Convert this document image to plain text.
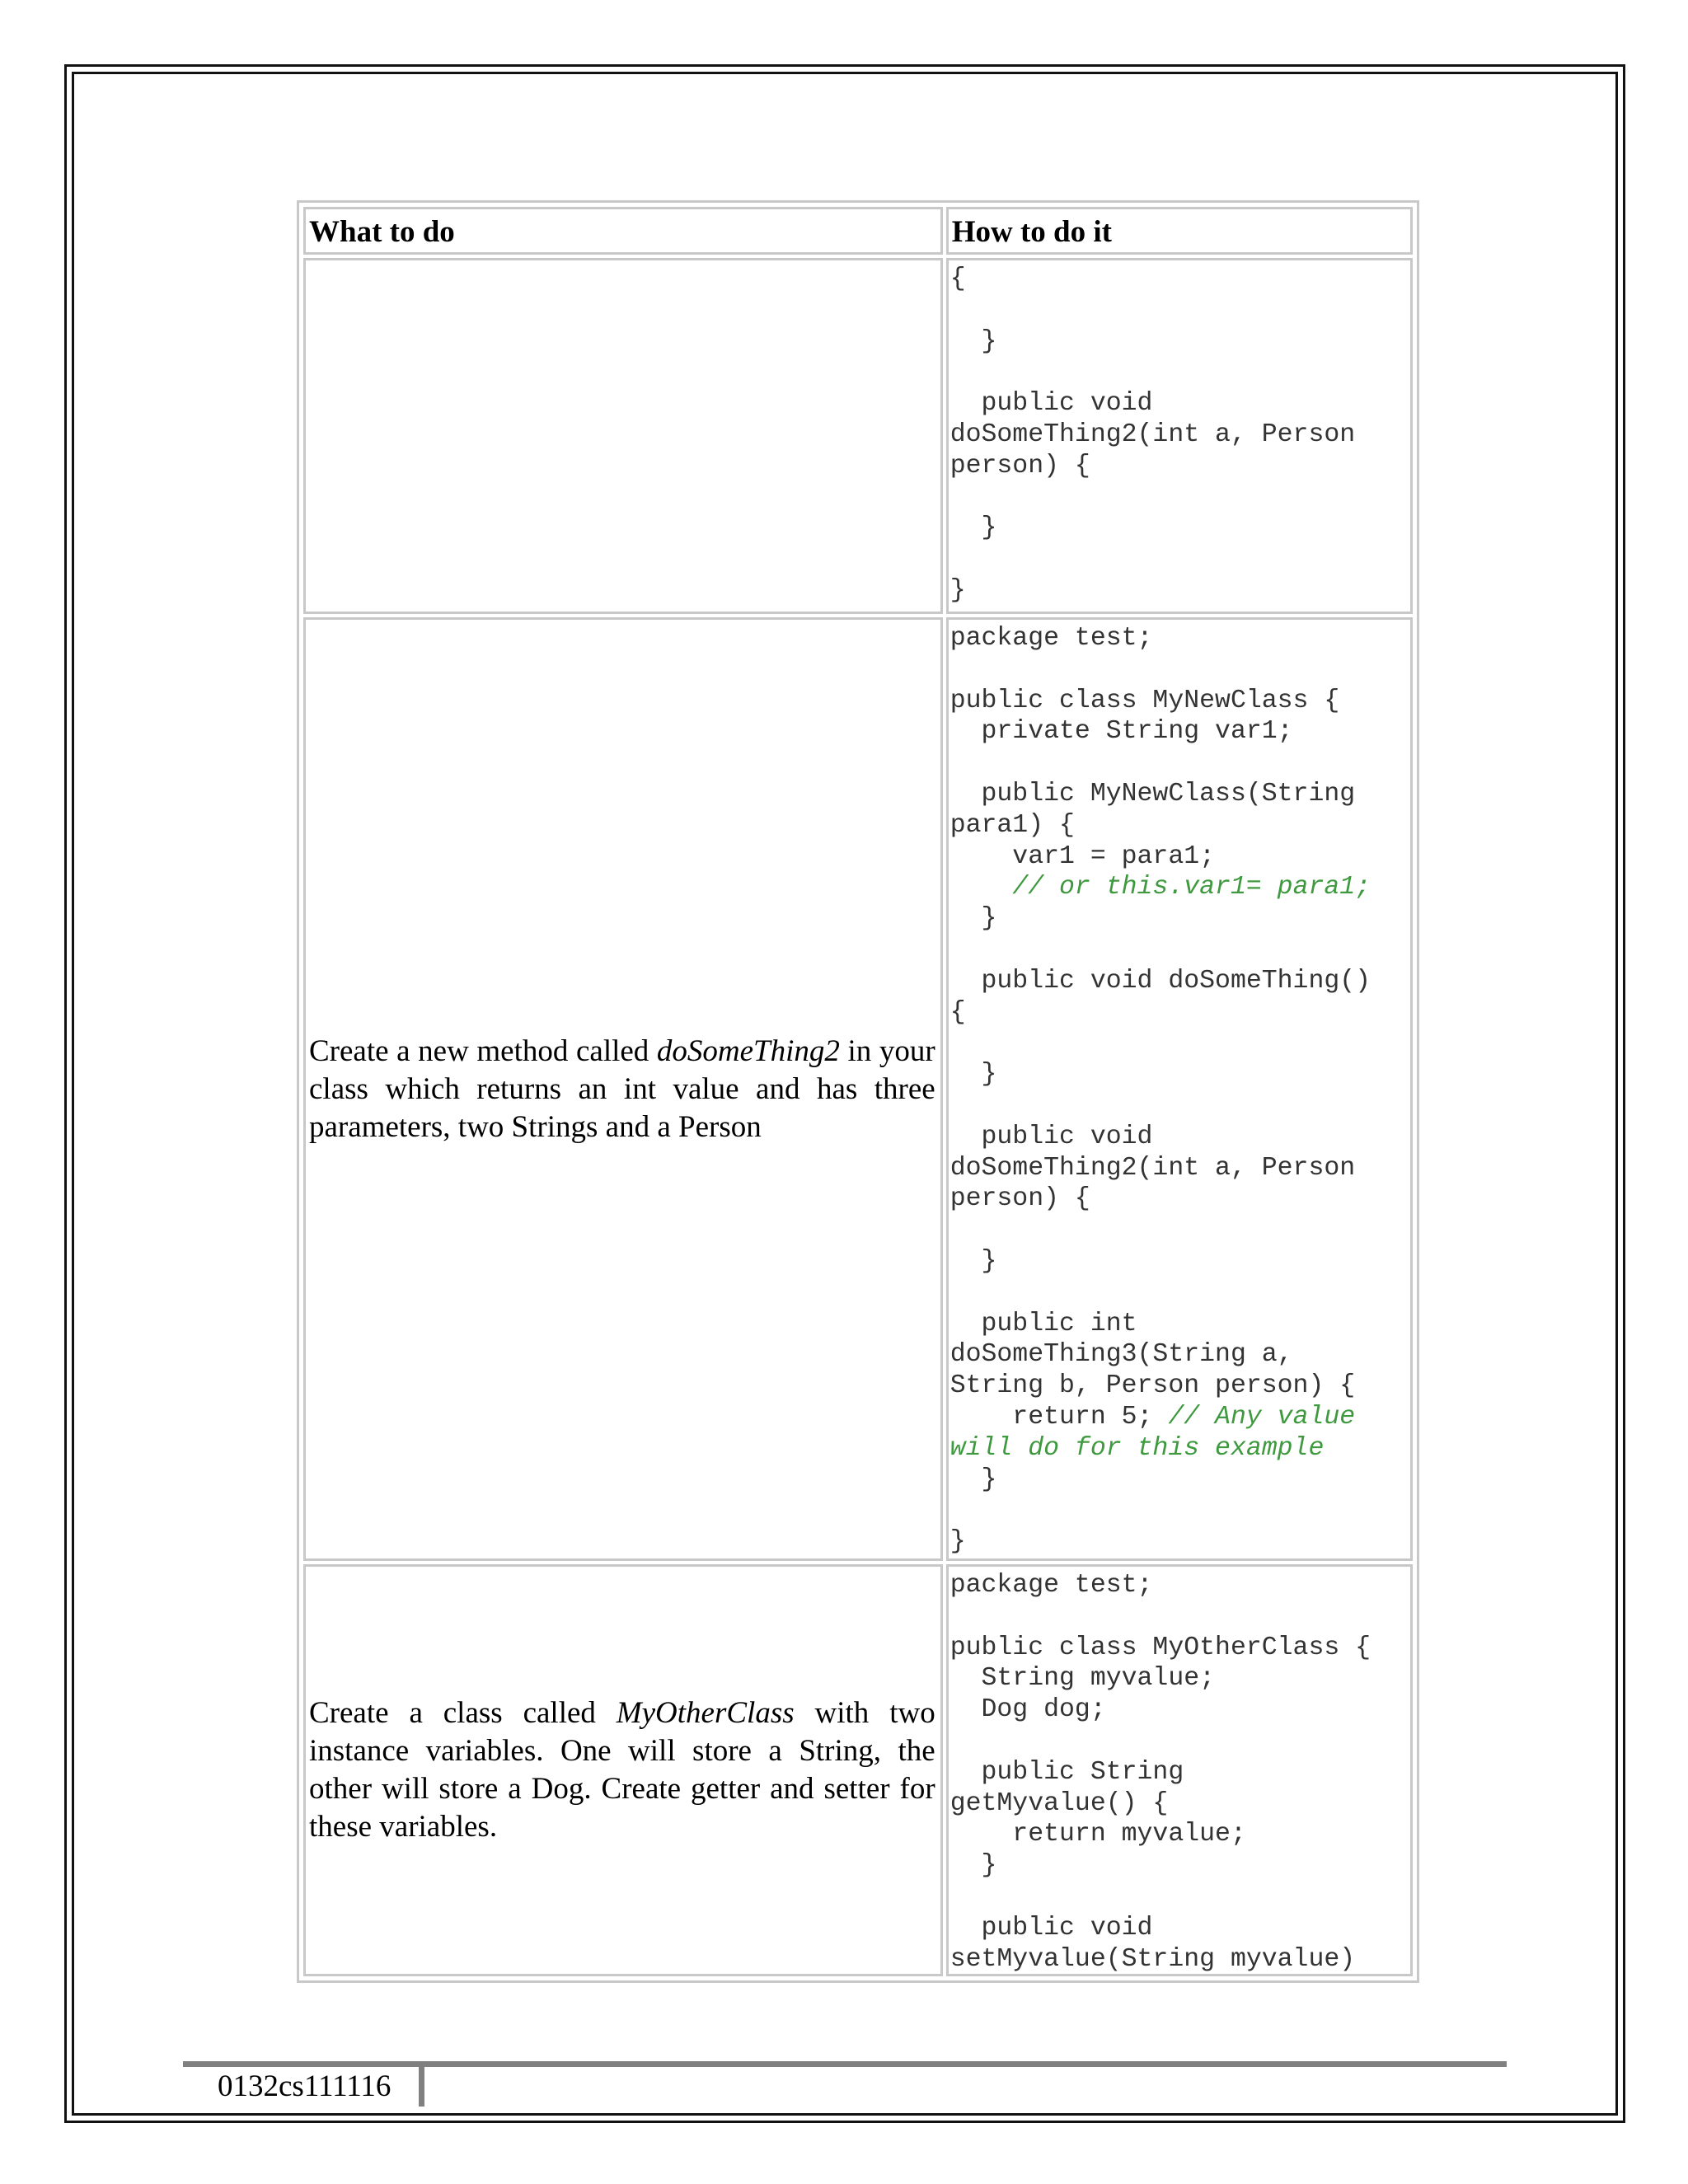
What to do	How to do it
{

}

public void
doSomeThing2(int a, Person
person) {

}

}
Create a new method called doSomeThing2 in your class which returns an int value and has three parameters, two Strings and a Person
package test;

public class MyNewClass {
private String var1;

public MyNewClass(String
para1) {
var1 = para1;
// or this.var1= para1;
}

public void doSomeThing()
{

}

public void
doSomeThing2(int a, Person
person) {

}

public int
doSomeThing3(String a,
String b, Person person) {
return 5; // Any value
will do for this example
}

}
Create a class called MyOtherClass with two instance variables. One will store a String, the other will store a Dog. Create getter and setter for these variables.
package test;

public class MyOtherClass {
String myvalue;
Dog dog;

public String
getMyvalue() {
return myvalue;
}

public void
setMyvalue(String myvalue)
0132cs111116
